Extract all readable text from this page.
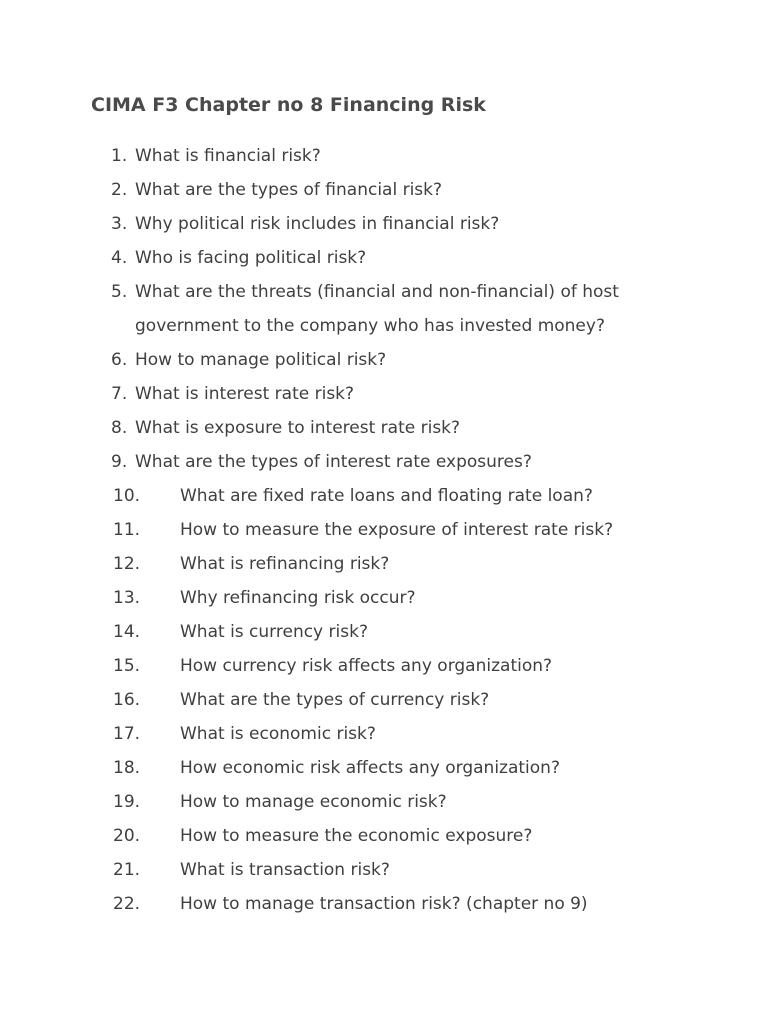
CIMA F3 Chapter no 8 Financing Risk
1. What is financial risk?
2. What are the types of financial risk?
3. Why political risk includes in financial risk?
4. Who is facing political risk?
5. What are the threats (financial and non-financial) of host
government to the company who has invested money?
6. How to manage political risk?
7. What is interest rate risk?
8. What is exposure to interest rate risk?
9. What are the types of interest rate exposures?
10. What are fixed rate loans and floating rate loan?
11. How to measure the exposure of interest rate risk?
12. What is refinancing risk?
13. Why refinancing risk occur?
14. What is currency risk?
15. How currency risk affects any organization?
16. What are the types of currency risk?
17. What is economic risk?
18. How economic risk affects any organization?
19. How to manage economic risk?
20. How to measure the economic exposure?
21. What is transaction risk?
22. How to manage transaction risk? (chapter no 9)
